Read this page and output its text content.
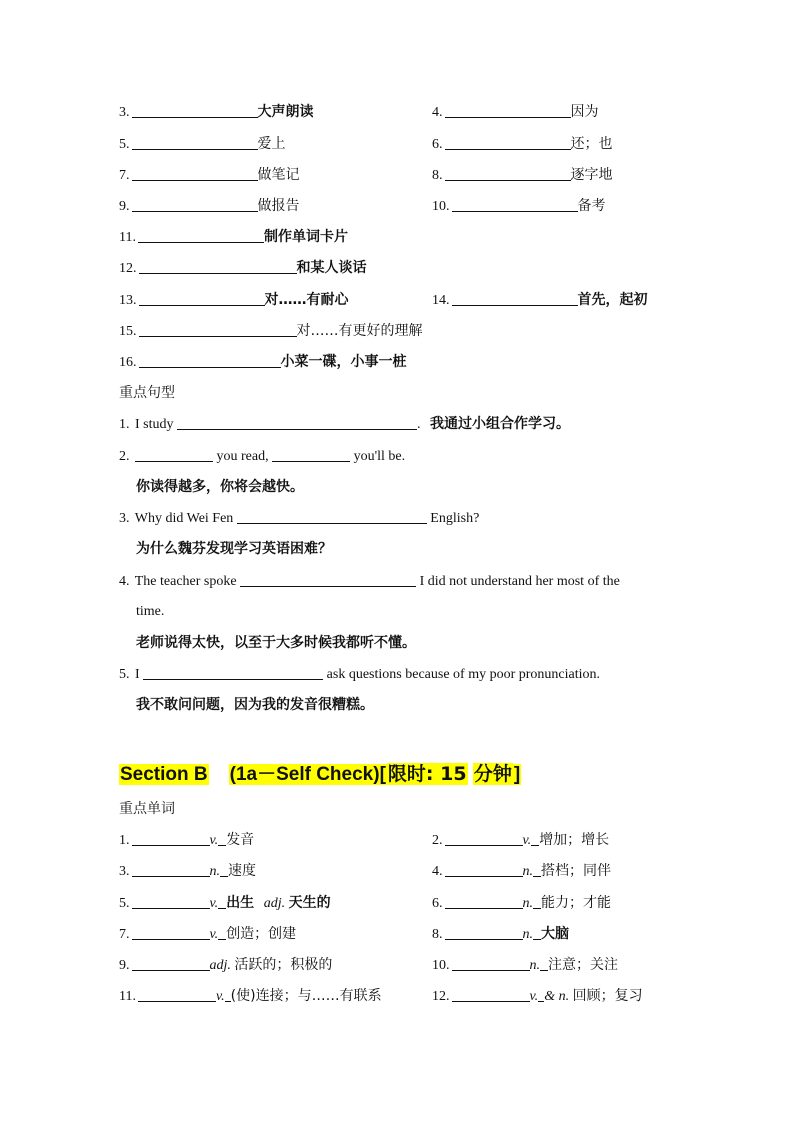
3.	大声朗读	4.	因为
5.	爱上	6.	还；也
7.	做笔记	8.	逐字地
9.	做报告	10.	备考
11.	制作单词卡片
12.	和某人谈话
13.	对……有耐心	14.	首先，起初
15.	对……有更好的理解
16.	小菜一碟，小事一桩
重点句型
1. I study	. 我通过小组合作学习。
2.	you read,	you'll be.
你读得越多，你将会越快。
3. Why did Wei Fen	English?
为什么魏芬发现学习英语困难？
4. The teacher spoke	I did not understand her most of the
time.
老师说得太快，以至于大多时候我都听不懂。
5. I	ask questions because of my poor pronunciation.
我不敢问问题，因为我的发音很糟糕。
Section B (1a－Self Check)[ 限时: 15 分钟 ]
重点单词
1.	v. 发音	2.	v. 增加；增长
3.	n. 速度	4.	n. 搭档；同伴
5.	v. 出生 adj. 天生的	6.	n. 能力；才能
7.	v. 创造；创建	8.	n. 大脑
9.	adj. 活跃的；积极的	10.	n. 注意；关注
11.	v. (使)连接；与……有联系	12.	v. & n. 回顾；复习
